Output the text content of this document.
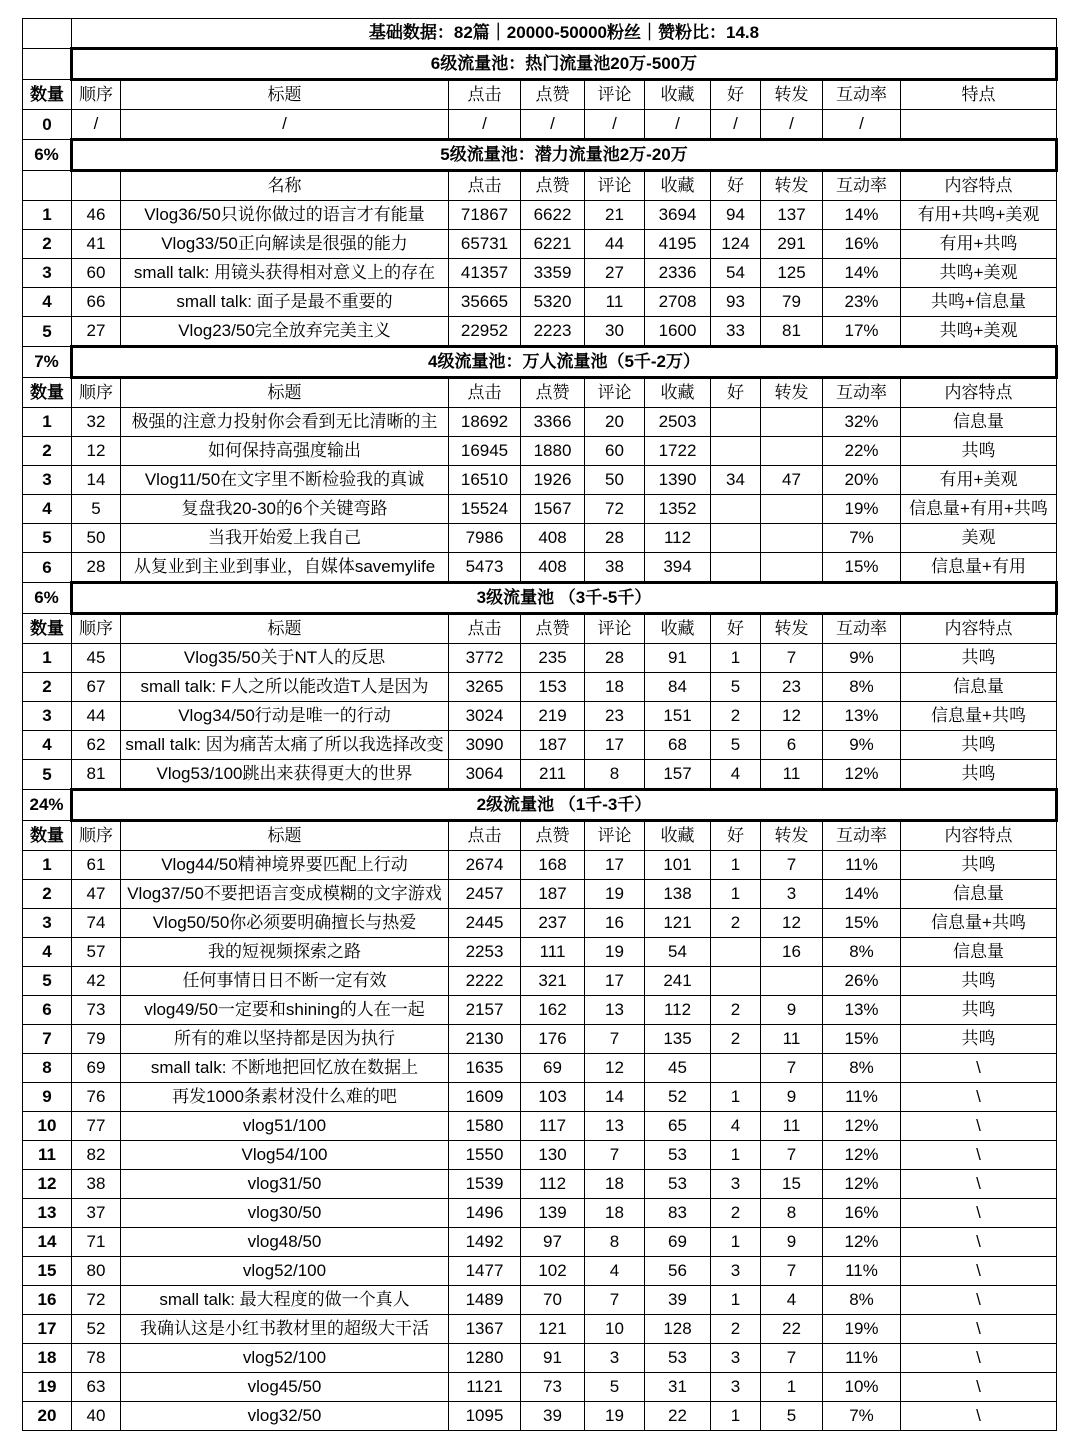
	基础数据：82篇｜20000-50000粉丝｜赞粉比：14.8									
	6级流量池：热门流量池20万-500万									
数量	顺序	标题	点击	点赞	评论	收藏	好	转发	互动率	特点
0	/	/	/	/	/	/	/	/	/	
6%	5级流量池：潜力流量池2万-20万									
		名称	点击	点赞	评论	收藏	好	转发	互动率	内容特点
1	46	Vlog36/50只说你做过的语言才有能量	71867	6622	21	3694	94	137	14%	有用+共鸣+美观
2	41	Vlog33/50正向解读是很强的能力	65731	6221	44	4195	124	291	16%	有用+共鸣
3	60	small talk: 用镜头获得相对意义上的存在	41357	3359	27	2336	54	125	14%	共鸣+美观
4	66	small talk: 面子是最不重要的	35665	5320	11	2708	93	79	23%	共鸣+信息量
5	27	Vlog23/50完全放弃完美主义	22952	2223	30	1600	33	81	17%	共鸣+美观
7%	4级流量池：万人流量池（5千-2万）									
数量	顺序	标题	点击	点赞	评论	收藏	好	转发	互动率	内容特点
1	32	极强的注意力投射你会看到无比清晰的主	18692	3366	20	2503			32%	信息量
2	12	如何保持高强度输出	16945	1880	60	1722			22%	共鸣
3	14	Vlog11/50在文字里不断检验我的真诚	16510	1926	50	1390	34	47	20%	有用+美观
4	5	复盘我20-30的6个关键弯路	15524	1567	72	1352			19%	信息量+有用+共鸣
5	50	当我开始爱上我自己	7986	408	28	112			7%	美观
6	28	从复业到主业到事业，自媒体savemylife	5473	408	38	394			15%	信息量+有用
6%	3级流量池 （3千-5千）									
数量	顺序	标题	点击	点赞	评论	收藏	好	转发	互动率	内容特点
1	45	Vlog35/50关于NT人的反思	3772	235	28	91	1	7	9%	共鸣
2	67	small talk: F人之所以能改造T人是因为	3265	153	18	84	5	23	8%	信息量
3	44	Vlog34/50行动是唯一的行动	3024	219	23	151	2	12	13%	信息量+共鸣
4	62	small talk: 因为痛苦太痛了所以我选择改变	3090	187	17	68	5	6	9%	共鸣
5	81	Vlog53/100跳出来获得更大的世界	3064	211	8	157	4	11	12%	共鸣
24%	2级流量池 （1千-3千）									
数量	顺序	标题	点击	点赞	评论	收藏	好	转发	互动率	内容特点
1	61	Vlog44/50精神境界要匹配上行动	2674	168	17	101	1	7	11%	共鸣
2	47	Vlog37/50不要把语言变成模糊的文字游戏	2457	187	19	138	1	3	14%	信息量
3	74	Vlog50/50你必须要明确擅长与热爱	2445	237	16	121	2	12	15%	信息量+共鸣
4	57	我的短视频探索之路	2253	111	19	54		16	8%	信息量
5	42	任何事情日日不断一定有效	2222	321	17	241			26%	共鸣
6	73	vlog49/50一定要和shining的人在一起	2157	162	13	112	2	9	13%	共鸣
7	79	所有的难以坚持都是因为执行	2130	176	7	135	2	11	15%	共鸣
8	69	small talk: 不断地把回忆放在数据上	1635	69	12	45		7	8%	\
9	76	再发1000条素材没什么难的吧	1609	103	14	52	1	9	11%	\
10	77	vlog51/100	1580	117	13	65	4	11	12%	\
11	82	Vlog54/100	1550	130	7	53	1	7	12%	\
12	38	vlog31/50	1539	112	18	53	3	15	12%	\
13	37	vlog30/50	1496	139	18	83	2	8	16%	\
14	71	vlog48/50	1492	97	8	69	1	9	12%	\
15	80	vlog52/100	1477	102	4	56	3	7	11%	\
16	72	small talk: 最大程度的做一个真人	1489	70	7	39	1	4	8%	\
17	52	我确认这是小红书教材里的超级大干活	1367	121	10	128	2	22	19%	\
18	78	vlog52/100	1280	91	3	53	3	7	11%	\
19	63	vlog45/50	1121	73	5	31	3	1	10%	\
20	40	vlog32/50	1095	39	19	22	1	5	7%	\
